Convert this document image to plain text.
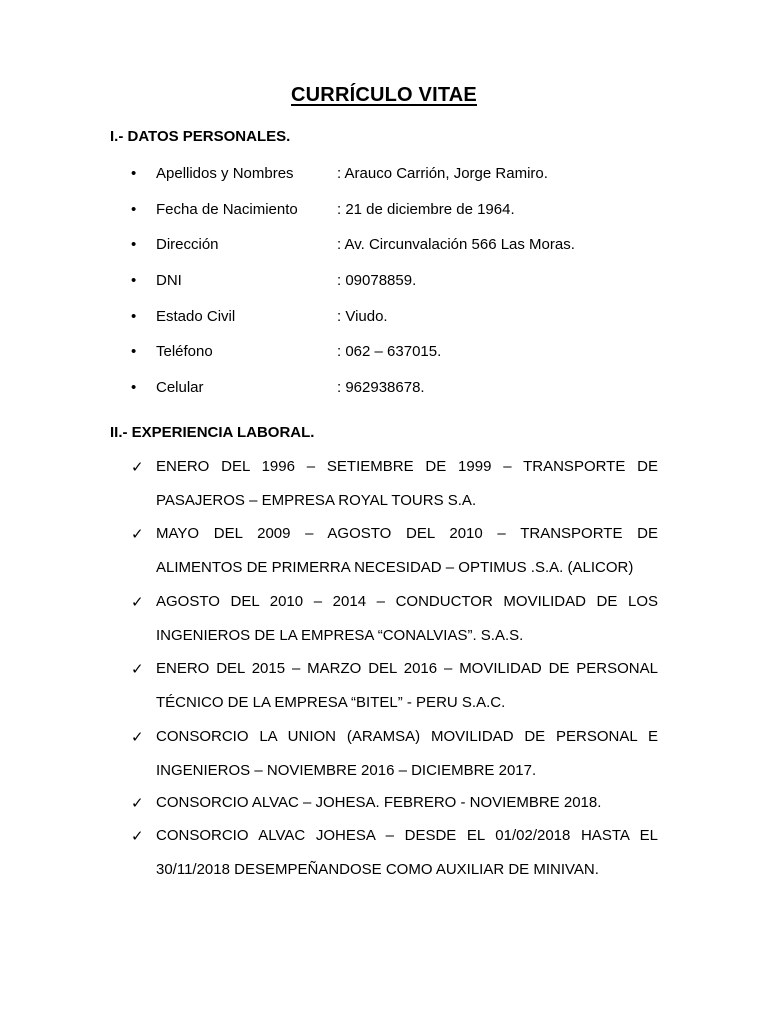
CURRÍCULO VITAE
I.- DATOS PERSONALES.
• Apellidos y Nombres	: Arauco Carrión, Jorge Ramiro.
• Fecha de Nacimiento	: 21 de diciembre de 1964.
• Dirección	: Av. Circunvalación 566 Las Moras.
• DNI	: 09078859.
• Estado Civil	: Viudo.
• Teléfono	: 062 – 637015.
• Celular	: 962938678.
II.- EXPERIENCIA LABORAL.
✓ ENERO DEL 1996 – SETIEMBRE DE 1999 – TRANSPORTE DE
PASAJEROS – EMPRESA ROYAL TOURS S.A.
✓ MAYO DEL 2009 – AGOSTO DEL 2010 – TRANSPORTE DE
ALIMENTOS DE PRIMERRA NECESIDAD – OPTIMUS .S.A. (ALICOR)
✓ AGOSTO DEL 2010 – 2014 – CONDUCTOR MOVILIDAD DE LOS
INGENIEROS DE LA EMPRESA “CONALVIAS”. S.A.S.
✓ ENERO DEL 2015 – MARZO DEL 2016 – MOVILIDAD DE PERSONAL
TÉCNICO DE LA EMPRESA “BITEL” - PERU S.A.C.
✓ CONSORCIO LA UNION (ARAMSA) MOVILIDAD DE PERSONAL E
INGENIEROS – NOVIEMBRE 2016 – DICIEMBRE 2017.
✓ CONSORCIO ALVAC – JOHESA. FEBRERO - NOVIEMBRE 2018.
✓ CONSORCIO ALVAC JOHESA – DESDE EL 01/02/2018 HASTA EL
30/11/2018 DESEMPEÑANDOSE COMO AUXILIAR DE MINIVAN.
